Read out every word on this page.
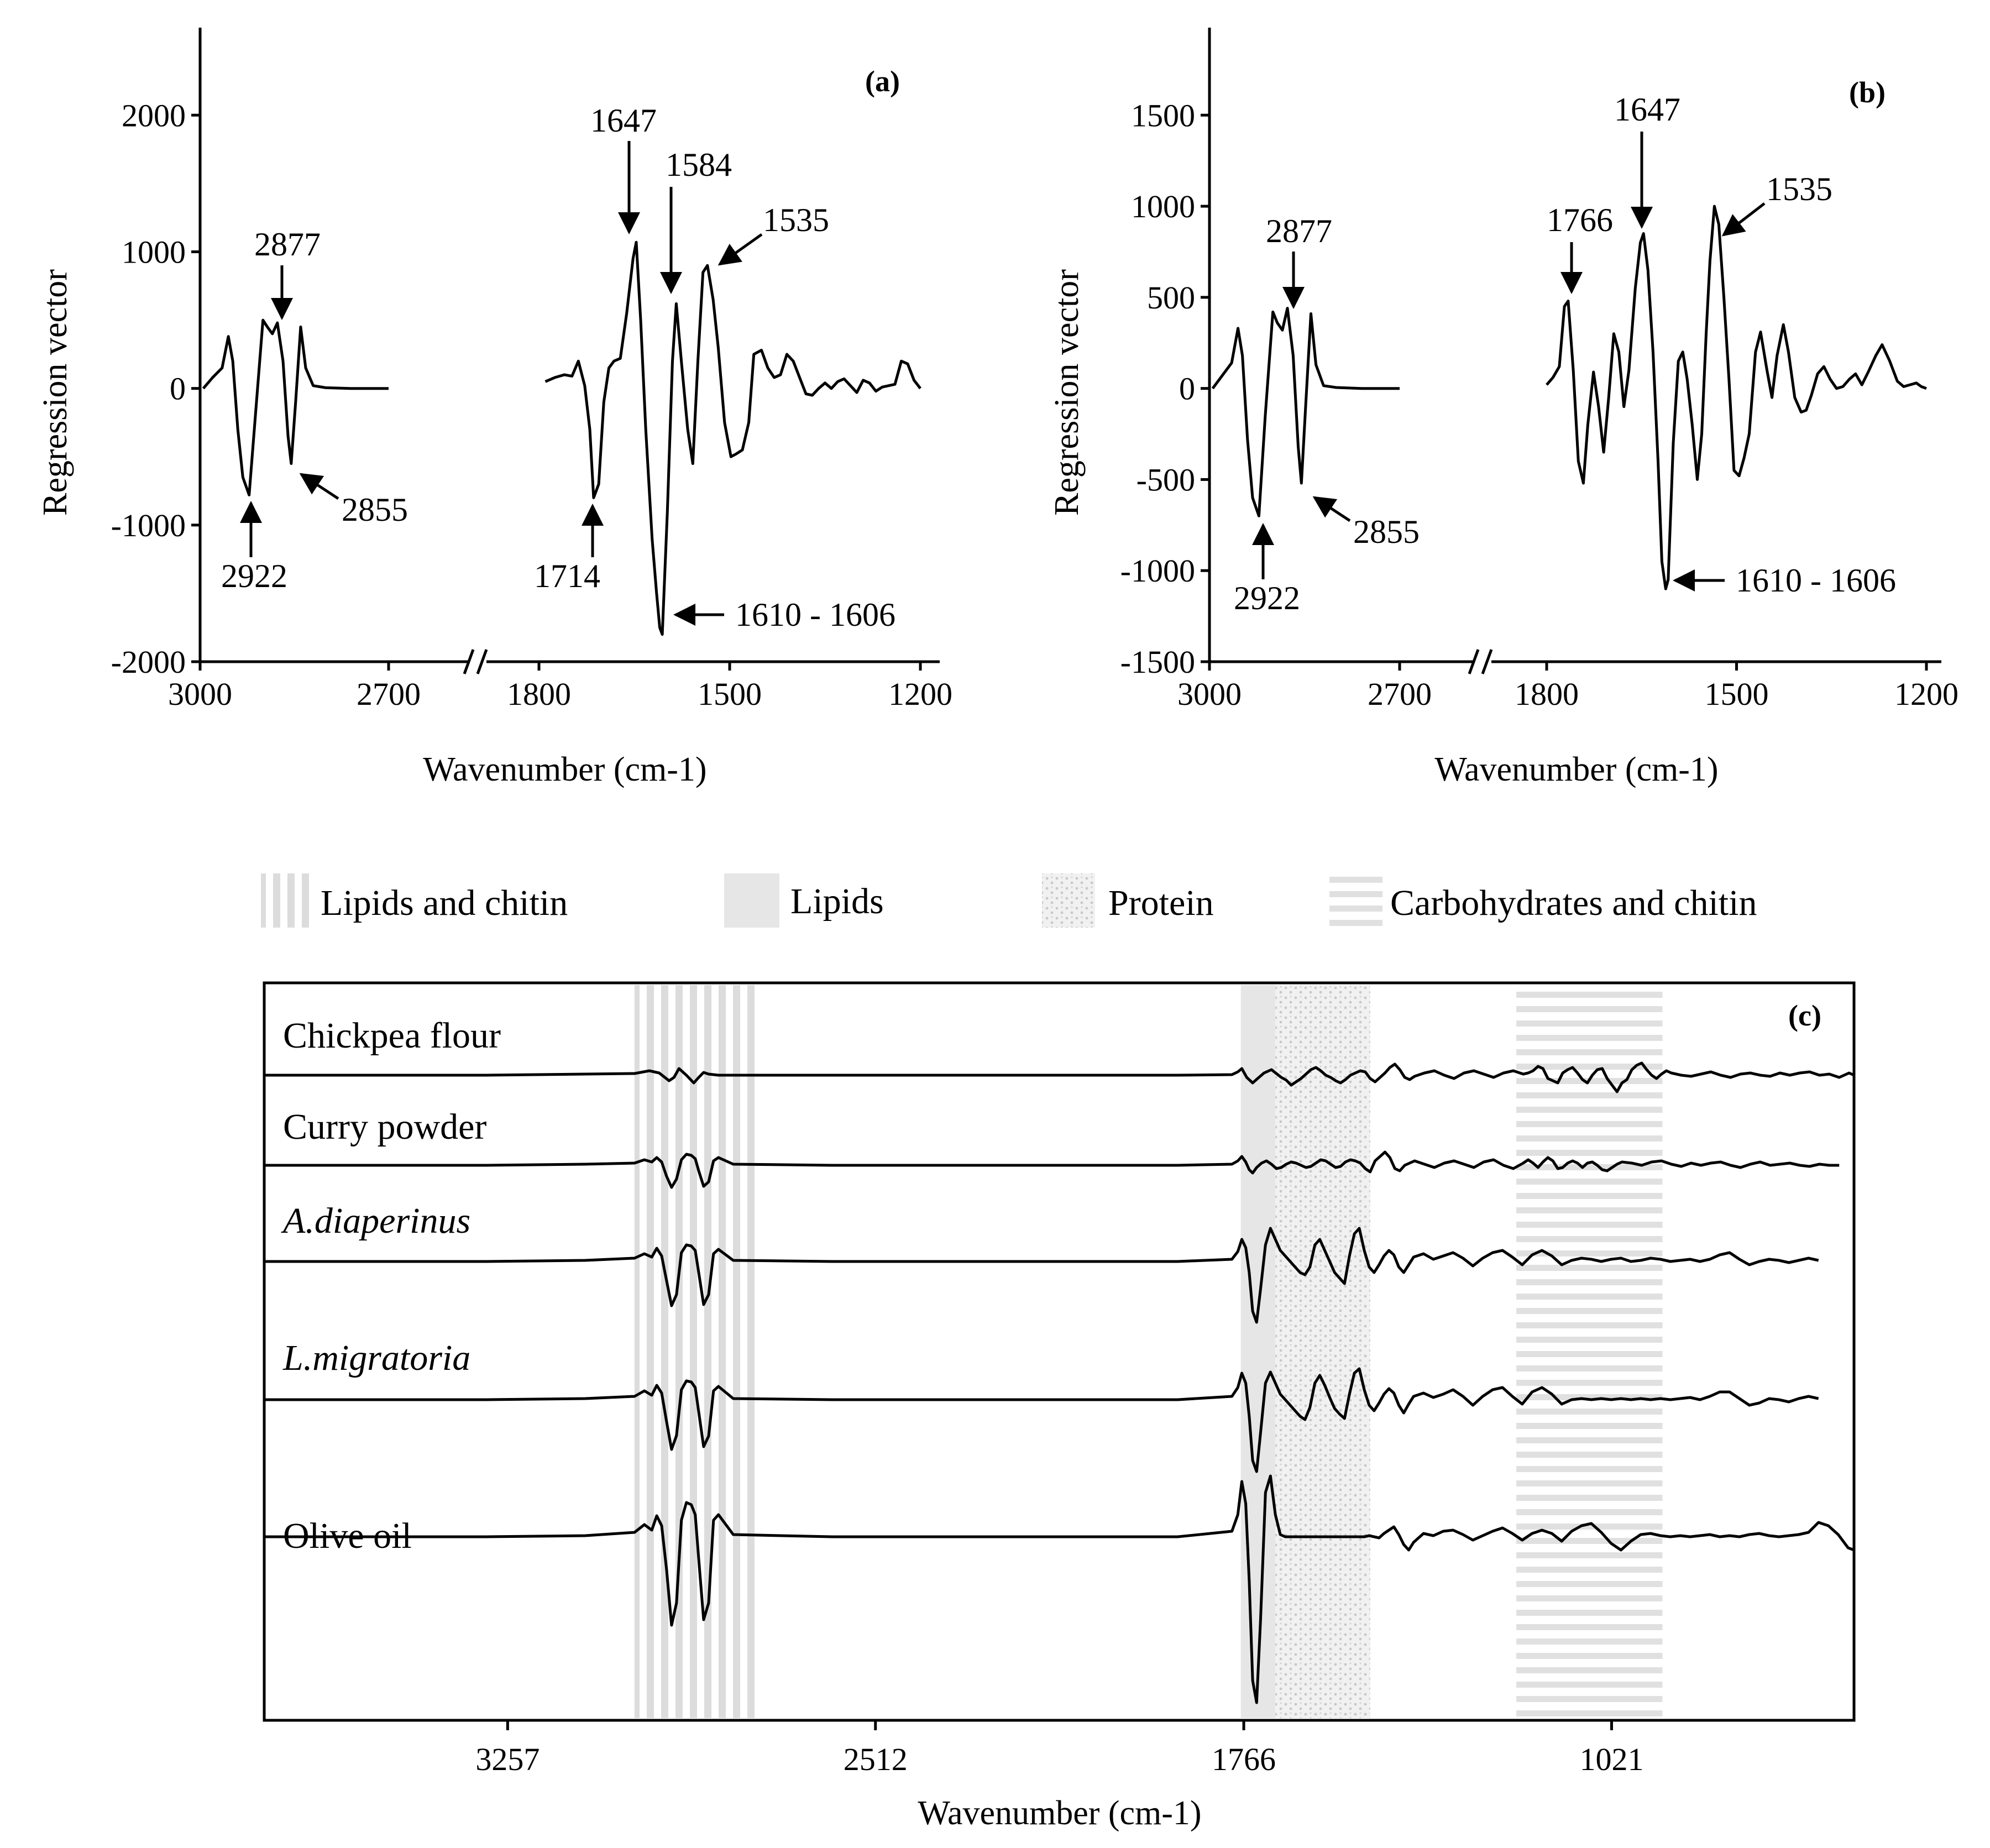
-2000
-1000
0
1000
2000
3000	2700	1800	1500	1200
(a)
Wavenumber (cm-1)
Regression vector
1647
1584
1535
2877
2855
2922	1714
1610 - 1606
-1500
-1000
-500
0
500
1000
1500
3000	2700	1800	1500	1200
(b)
Wavenumber (cm-1)
Regression vector
1647
1766
1535
2877
2855
2922	1610 - 1606
Lipids and chitin	Lipids	Protein	Carbohydrates and chitin
3257	2512	1766	1021
(c)
Wavenumber (cm-1)
Chickpea flour
Curry powder
A.diaperinus
L.migratoria
Olive oil
